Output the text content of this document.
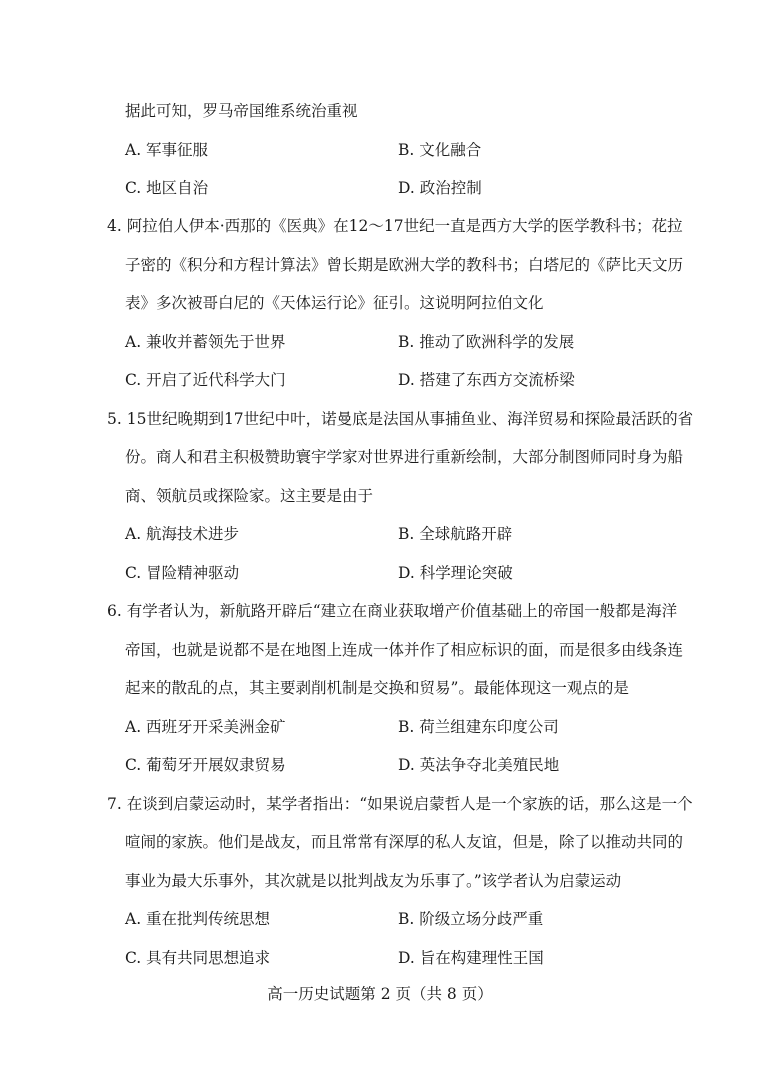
据此可知，罗马帝国维系统治重视
A. 军事征服	B. 文化融合
C. 地区自治	D. 政治控制
4. 阿拉伯人伊本·西那的《医典》在12～17世纪一直是西方大学的医学教科书；花拉
子密的《积分和方程计算法》曾长期是欧洲大学的教科书；白塔尼的《萨比天文历
表》多次被哥白尼的《天体运行论》征引。这说明阿拉伯文化
A. 兼收并蓄领先于世界	B. 推动了欧洲科学的发展
C. 开启了近代科学大门	D. 搭建了东西方交流桥梁
5. 15世纪晚期到17世纪中叶，诺曼底是法国从事捕鱼业、海洋贸易和探险最活跃的省
份。商人和君主积极赞助寰宇学家对世界进行重新绘制，大部分制图师同时身为船
商、领航员或探险家。这主要是由于
A. 航海技术进步	B. 全球航路开辟
C. 冒险精神驱动	D. 科学理论突破
6. 有学者认为，新航路开辟后“建立在商业获取增产价值基础上的帝国一般都是海洋
帝国，也就是说都不是在地图上连成一体并作了相应标识的面，而是很多由线条连
起来的散乱的点，其主要剥削机制是交换和贸易”。最能体现这一观点的是
A. 西班牙开采美洲金矿	B. 荷兰组建东印度公司
C. 葡萄牙开展奴隶贸易	D. 英法争夺北美殖民地
7. 在谈到启蒙运动时，某学者指出：“如果说启蒙哲人是一个家族的话，那么这是一个
喧闹的家族。他们是战友，而且常常有深厚的私人友谊，但是，除了以推动共同的
事业为最大乐事外，其次就是以批判战友为乐事了。”该学者认为启蒙运动
A. 重在批判传统思想	B. 阶级立场分歧严重
C. 具有共同思想追求	D. 旨在构建理性王国
高一历史试题第 2 页（共 8 页）
